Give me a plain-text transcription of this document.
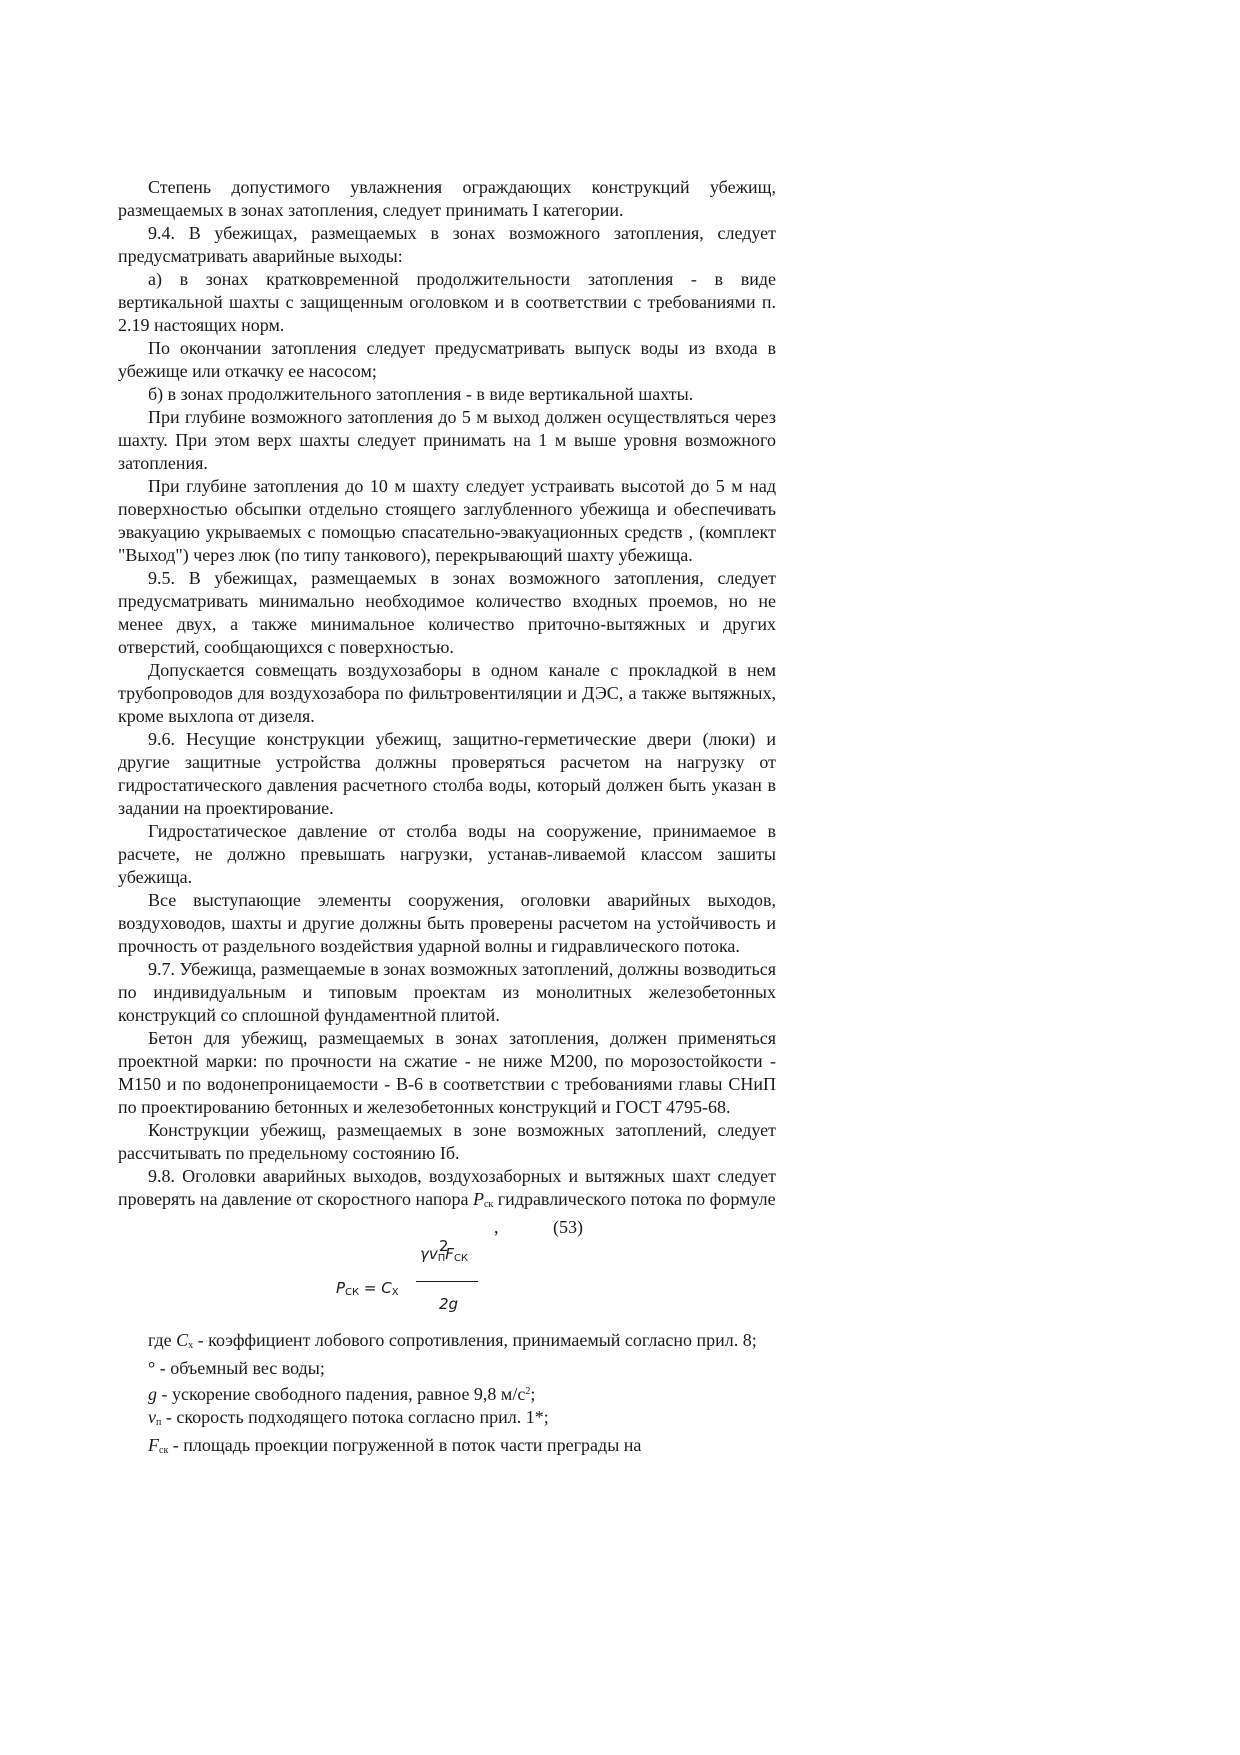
Степень допустимого увлажнения ограждающих конструкций убежищ, размещаемых в зонах затопления, следует принимать I категории.

9.4. В убежищах, размещаемых в зонах возможного затопления, следует предусматривать аварийные выходы:

а) в зонах кратковременной продолжительности затопления - в виде вертикальной шахты с защищенным оголовком и в соответствии с требованиями п. 2.19 настоящих норм.

По окончании затопления следует предусматривать выпуск воды из входа в убежище или откачку ее насосом;

б) в зонах продолжительного затопления - в виде вертикальной шахты.

При глубине возможного затопления до 5 м выход должен осуществляться через шахту. При этом верх шахты следует принимать на 1 м выше уровня возможного затопления.

При глубине затопления до 10 м шахту следует устраивать высотой до 5 м над поверхностью обсыпки отдельно стоящего заглубленного убежища и обеспечивать эвакуацию укрываемых с помощью спасательно-эвакуационных средств , (комплект "Выход") через люк (по типу танкового), перекрывающий шахту убежища.

9.5. В убежищах, размещаемых в зонах возможного затопления, следует предусматривать минимально необходимое количество входных проемов, но не менее двух, а также минимальное количество приточно-вытяжных и других отверстий, сообщающихся с поверхностью.

Допускается совмещать воздухозаборы в одном канале с прокладкой в нем трубопроводов для воздухозабора по фильтровентиляции и ДЭС, а также вытяжных, кроме выхлопа от дизеля.

9.6. Несущие конструкции убежищ, защитно-герметические двери (люки) и другие защитные устройства должны проверяться расчетом на нагрузку от гидростатического давления расчетного столба воды, который должен быть указан в задании на проектирование.

Гидростатическое давление от столба воды на сооружение, принимаемое в расчете, не должно превышать нагрузки, устанав-ливаемой классом зашиты убежища.

Все выступающие элементы сооружения, оголовки аварийных выходов, воздуховодов, шахты и другие должны быть проверены расчетом на устойчивость и прочность от раздельного воздействия ударной волны и гидравлического потока.

9.7. Убежища, размещаемые в зонах возможных затоплений, должны возводиться по индивидуальным и типовым проектам из монолитных железобетонных конструкций со сплошной фундаментной плитой.

Бетон для убежищ, размещаемых в зонах затопления, должен применяться проектной марки: по прочности на сжатие - не ниже М200, по морозостойкости - М150 и по водонепроницаемости - В-6 в соответствии с требованиями главы СНиП по проектированию бетонных и железобетонных конструкций и ГОСТ 4795-68.

Конструкции убежищ, размещаемых в зоне возможных затоплений, следует рассчитывать по предельному состоянию Iб.

9.8. Оголовки аварийных выходов, воздухозаборных и вытяжных шахт следует проверять на давление от скоростного напора $Р_{ск}$ гидравлического потока по формуле

,	(53)
$P_{СК} = C_Х$
2
$\gamma v_ПF_{СК}$
2g

где $С_х$ - коэффициент лобового сопротивления, принимаемый согласно прил. 8;

° - объемный вес воды;

g - ускорение свободного падения, равное 9,8 $м/с^2$;

$v_п$ - скорость подходящего потока согласно прил. 1*;

$F_{ск}$ - площадь проекции погруженной в поток части преграды на
